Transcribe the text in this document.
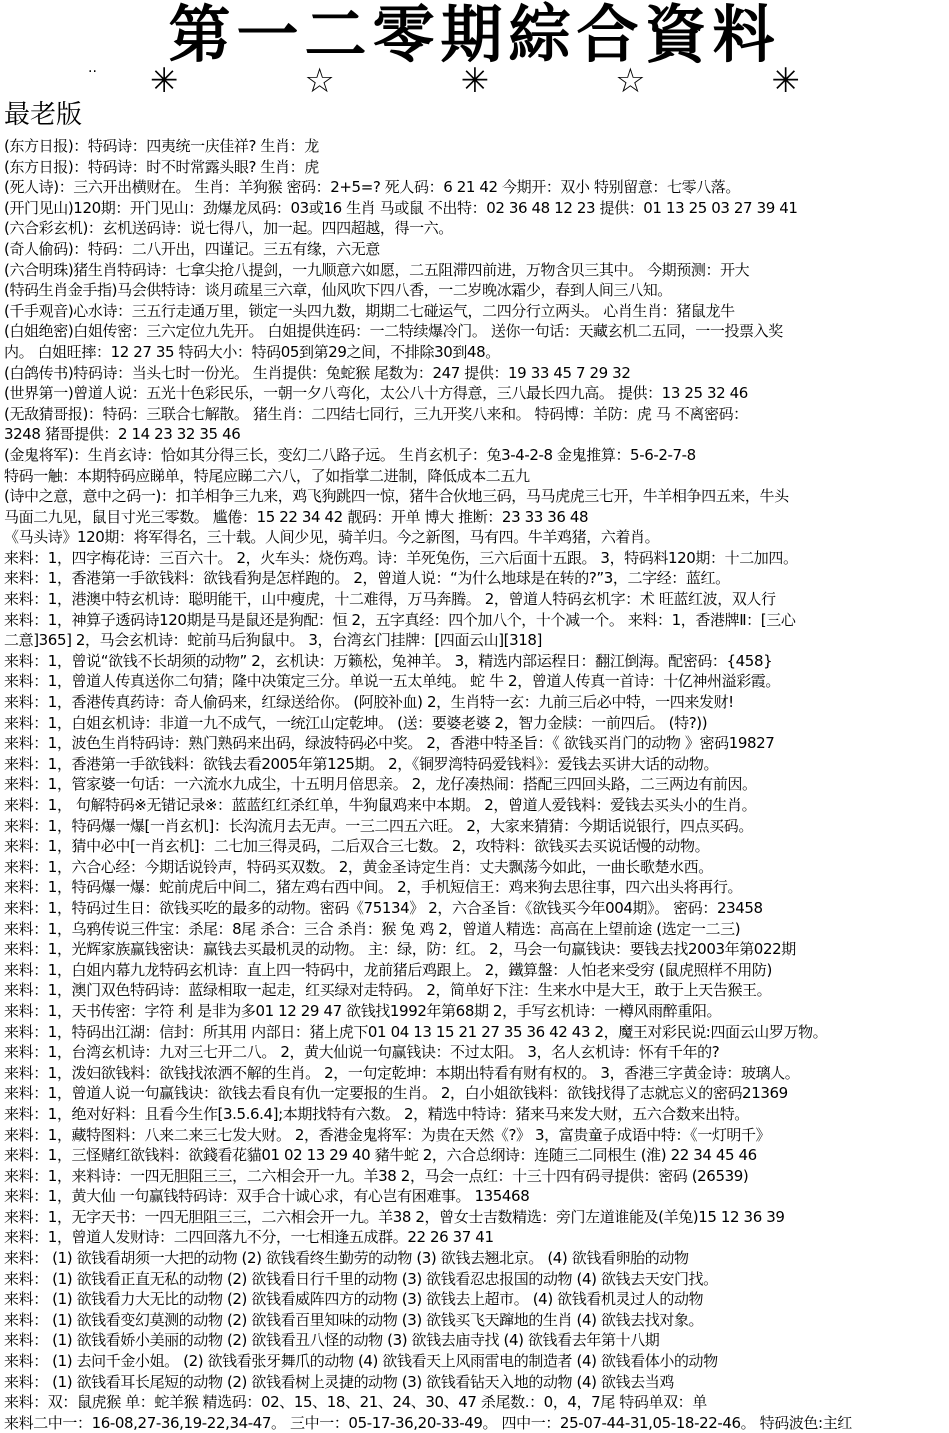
第一二零期綜合資料
·· ✳	☆	✳	☆	✳
最老版
(东方日报)：特码诗：四夷统一庆佳祥? 生肖：龙
(东方日报)：特码诗：时不时常露头眼? 生肖：虎
(死人诗)：三六开出横财在。 生肖：羊狗猴 密码：2+5=? 死人码：6 21 42 今期开：双小 特别留意：七零八落。
(开门见山)120期：开门见山：劲爆龙凤码：03或16 生肖 马或鼠 不出特：02 36 48 12 23 提供：01 13 25 03 27 39 41
(六合彩玄机)：玄机送码诗：说七得八，加一起。四四超越，得一六。
(奇人偷码)：特码：二八开出，四谨记。三五有缘，六无意
(六合明珠)猪生肖特码诗：七拿尖抢八提剑，一九顺意六如愿，二五阻滞四前进，万物含贝三其中。 今期预测：开大
(特码生肖金手指)马会供特诗：谈月疏星三六章，仙风吹下四八香，一二岁晚冰霜少，春到人间三八知。
(千手观音)心水诗：三五行走通万里，锁定一头四九数，期期二七碰运气，二四分行立两头。 心肖生肖：猪鼠龙牛
(白姐绝密)白姐传密：三六定位九先开。 白姐提供连码：一二特续爆冷门。 送你一句话：天藏玄机二五同，一一投票入奖
内。 白姐旺摔：12 27 35 特码大小：特码05到第29之间，不排除30到48。
(白鸽传书)特码诗：当头七时一份光。 生肖提供：兔蛇猴 尾数为：247 提供：19 33 45 7 29 32
(世界第一)曾道人说：五光十色彩民乐，一朝一夕八弯化，太公八十方得意，三八最长四九高。 提供：13 25 32 46
(无敌猜哥报)：特码：三联合七解散。 猪生肖：二四结七同行，三九开奖八来和。 特码博：羊防：虎 马 不离密码：
3248 猪哥提供：2 14 23 32 35 46
(金鬼将军)：生肖玄诗：恰如其分得三长，变幻二八路子远。 生肖玄机子：兔3-4-2-8 金鬼推算：5-6-2-7-8
特码一触：本期特码应睇单，特尾应睇二六八，了如指掌二进制，降低成本二五九
(诗中之意，意中之码一)：扣羊相争三九来，鸡飞狗跳四一惊，猪牛合伙地三码，马马虎虎三七开，牛羊相争四五来，牛头
马面二九见，鼠目寸光三零数。 尴倦：15 22 34 42 靓码：开单 博大 推断：23 33 36 48
《马头诗》120期：将军得名，三十载。人间少见，骑羊归。今之新图，马有四。牛羊鸡猪，六着肖。
来料：1，四字梅花诗：三百六十。 2，火车头：烧伤鸡。诗：羊死兔伤，三六后面十五跟。 3，特码料120期：十二加四。
来料：1，香港第一手欲钱料：欲钱看狗是怎样跑的。 2，曾道人说：“为什么地球是在转的?”3，二字经：蓝红。
来料：1，港澳中特玄机诗：聪明能干，山中瘦虎，十二难得，万马奔腾。 2，曾道人特码玄机字：术 旺蓝红波，双人行
来料：1，神算子透码诗120期是马是鼠还是狗配：恒 2，五字真经：四个加八个，十个减一个。 来料：1，香港牌Ⅱ：[三心
二意]365] 2，马会玄机诗：蛇前马后狗鼠中。 3，台湾玄门挂牌：[四面云山][318]
来料：1，曾说“欲钱不长胡须的动物” 2，玄机诀：万籁松，兔神羊。 3，精选内部运程日：翻江倒海。配密码：{458}
来料：1，曾道人传真送你二句猜；隆中决策定三分。单说一五太单纯。 蛇 牛 2，曾道人传真一首诗：十亿神州溢彩霞。
来料：1，香港传真药诗：奇人偷码来，红绿送给你。 (阿胶补血) 2，生肖特一玄：九前三后必中特，一四来发财!
来料：1，白姐玄机诗：非道一九不成气，一统江山定乾坤。 (送：要婆老婆 2，智力金牍：一前四后。 (特?))
来料：1，波色生肖特码诗：熟门熟码来出码，绿波特码必中奖。 2，香港中特圣旨：《 欲钱买肖门的动物 》密码19827
来料：1，香港第一手欲钱料：欲钱去看2005年第125期。 2，《铜罗湾特码爱钱料》：爱钱去买讲大话的动物。
来料：1，管家婆一句话：一六流水九成尘，十五明月倍思亲。 2，龙仔凑热闹：搭配三四回头路，二三两边有前因。
来料：1， 句解特码※无错记录※：蓝蓝红红杀红单，牛狗鼠鸡来中本期。 2，曾道人爱钱料：爱钱去买头小的生肖。
来料：1，特码爆一爆[一肖玄机]：长沟流月去无声。一三二四五六旺。 2，大家来猜猜：今期话说银行，四点买码。
来料：1，猜中必中[一肖玄机]：二七加三得灵码，二后双合三七数。 2，攻特料：欲钱买去买说话慢的动物。
来料：1，六合心经：今期话说铃声，特码买双数。 2，黄金圣诗定生肖：丈夫飘荡今如此，一曲长歌楚水西。
来料：1，特码爆一爆：蛇前虎后中间二，猪左鸡右西中间。 2，手机短信王：鸡来狗去思往事，四六出头将再行。
来料：1，特码过生日：欲钱买吃的最多的动物。密码《75134》 2，六合圣旨：《欲钱买今年004期》。 密码：23458
来料：1，乌鸦传说三件宝：杀尾：8尾 杀合：三合 杀肖：猴 兔 鸡 2，曾道人精选：高高在上望前途 (选定一二三)
来料：1，光辉家族赢钱密诀：赢钱去买最机灵的动物。 主：绿，防：红。 2，马会一句赢钱诀：要钱去找2003年第022期
来料：1，白姐内幕九龙特码玄机诗：直上四一特码中，龙前猪后鸡跟上。 2，鐵算盤：人怕老来受穷 (鼠虎照样不用防)
来料：1，澳门双色特码诗：蓝绿相取一起走，红买绿对走特码。 2，简单好下注：生来水中是大王，敢于上天告猴王。
来料：1，天书传密：字符 利 是非为多01 12 29 47 欲钱找1992年第68期 2，手写玄机诗：一樽风雨醉重阳。
来料：1，特码出江湖：信封：所其用 内部日：猪上虎下01 04 13 15 21 27 35 36 42 43 2，魔王对彩民说:四面云山罗万物。
来料：1，台湾玄机诗：九对三七开二八。 2，黄大仙说一句赢钱诀：不过太阳。 3，名人玄机诗：怀有千年的?
来料：1，泼妇欲钱料：欲钱找浓洒不解的生肖。 2，一句定乾坤：本期出特看有财有权的。 3，香港三字黄金诗：玻璃人。
来料：1，曾道人说一句赢钱诀：欲钱去看良有仇一定要报的生肖。 2，白小姐欲钱料：欲钱找得了志就忘义的密码21369
来料：1，绝对好料：且看今生作[3.5.6.4];本期找特有六数。 2，精选中特诗：猪来马来发大财，五六合数来出特。
来料：1，藏特图料：八来二来三七发大财。 2，香港金鬼将军：为贵在天然《?》 3，富贵童子成语中特：《一灯明千》
来料：1，三怪赌红欲钱料：欲錢看花貓01 02 13 29 40 豬牛蛇 2，六合总纲诗：连随三二同根生 (淮) 22 34 45 46
来料：1，来料诗：一四无胆阻三三，二六相会开一九。羊38 2，马会一点红：十三十四有码寻提供：密码 (26539)
来料：1，黄大仙 一句赢钱特码诗：双手合十诚心求，有心岂有困难事。 135468
来料：1，无字天书：一四无胆阻三三，二六相会开一九。羊38 2，曾女士吉数精选：旁门左道谁能及(羊兔)15 12 36 39
来料：1，曾道人发财诗：二四回落九不分，一七相逢五成群。22 26 37 41
来料： (1) 欲钱看胡须一大把的动物 (2) 欲钱看终生勤劳的动物 (3) 欲钱去翘北京。 (4) 欲钱看卵胎的动物
来料： (1) 欲钱看正直无私的动物 (2) 欲钱看日行千里的动物 (3) 欲钱看忍忠报国的动物 (4) 欲钱去天安门找。
来料： (1) 欲钱看力大无比的动物 (2) 欲钱看威阵四方的动物 (3) 欲钱去上超市。 (4) 欲钱看机灵过人的动物
来料： (1) 欲钱看变幻莫测的动物 (2) 欲钱看百里知味的动物 (3) 欲钱买飞天蹿地的生肖 (4) 欲钱去找对象。
来料： (1) 欲钱看娇小美丽的动物 (2) 欲钱看丑八怪的动物 (3) 欲钱去庙寺找 (4) 欲钱看去年第十八期
来料： (1) 去问千金小姐。 (2) 欲钱看张牙舞爪的动物 (4) 欲钱看天上风雨雷电的制造者 (4) 欲钱看体小的动物
来料： (1) 欲钱看耳长尾短的动物 (2) 欲钱看树上灵捷的动物 (3) 欲钱看钻天入地的动物 (4) 欲钱去当鸡
来料：双：鼠虎猴 单：蛇羊猴 精选码：02、15、18、21、24、30、47 杀尾数.：0，4，7尾 特码单双：单
来料二中一：16-08,27-36,19-22,34-47。 三中一：05-17-36,20-33-49。 四中一：25-07-44-31,05-18-22-46。 特码波色:主红
